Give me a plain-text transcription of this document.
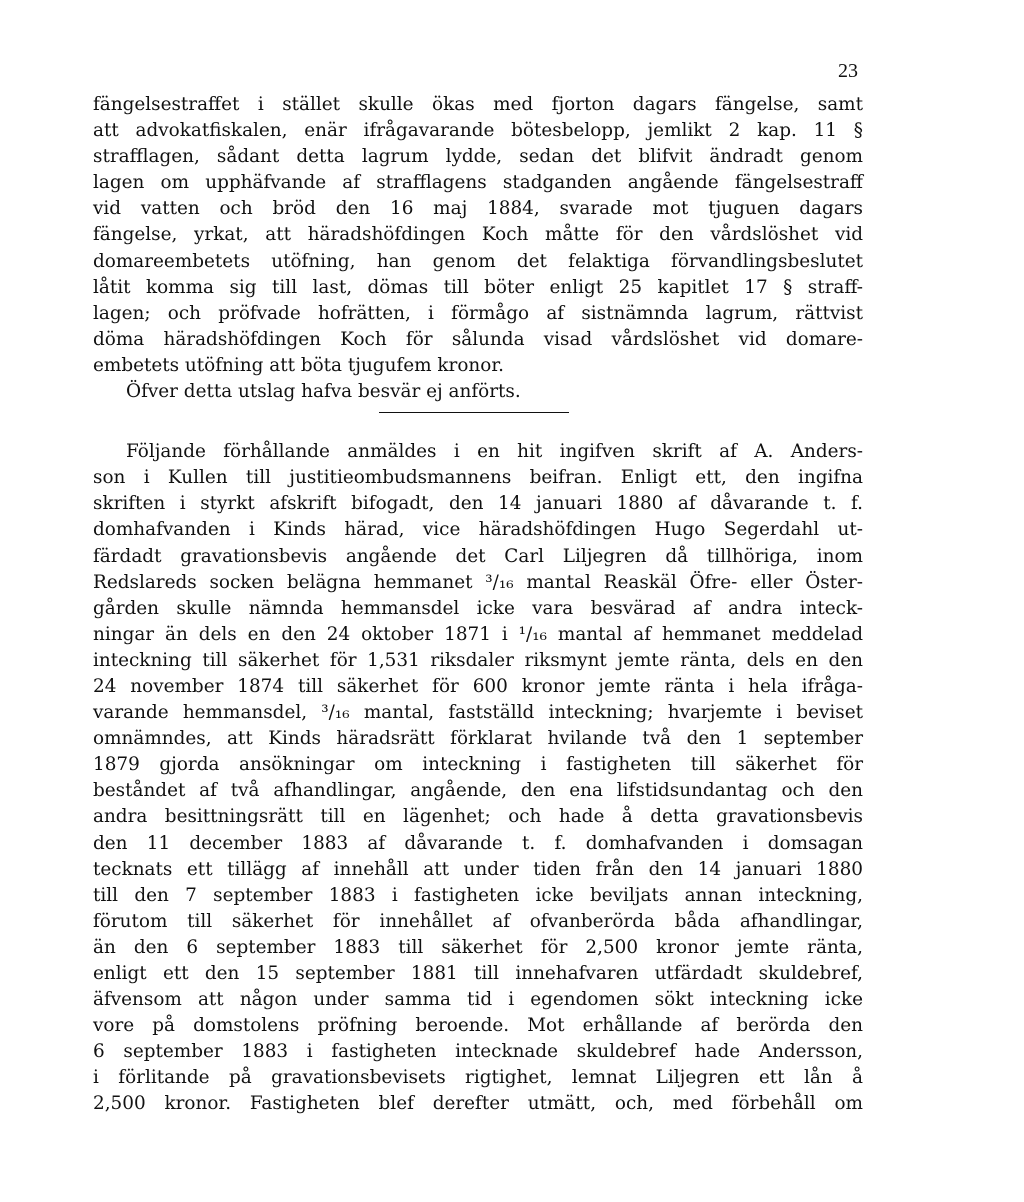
23
fängelsestraffet i stället skulle ökas med fjorton dagars fängelse, samt
att advokatfiskalen, enär ifrågavarande bötesbelopp, jemlikt 2 kap. 11 §
strafflagen, sådant detta lagrum lydde, sedan det blifvit ändradt genom
lagen om upphäfvande af strafflagens stadganden angående fängelsestraff
vid vatten och bröd den 16 maj 1884, svarade mot tjuguen dagars
fängelse, yrkat, att häradshöfdingen Koch måtte för den vårdslöshet vid
domareembetets utöfning, han genom det felaktiga förvandlingsbeslutet
låtit komma sig till last, dömas till böter enligt 25 kapitlet 17 § straff-
lagen; och pröfvade hofrätten, i förmågo af sistnämnda lagrum, rättvist
döma häradshöfdingen Koch för sålunda visad vårdslöshet vid domare-
embetets utöfning att böta tjugufem kronor.
Öfver detta utslag hafva besvär ej anförts.
Följande förhållande anmäldes i en hit ingifven skrift af A. Anders-
son i Kullen till justitieombudsmannens beifran. Enligt ett, den ingifna
skriften i styrkt afskrift bifogadt, den 14 januari 1880 af dåvarande t. f.
domhafvanden i Kinds härad, vice häradshöfdingen Hugo Segerdahl ut-
färdadt gravationsbevis angående det Carl Liljegren då tillhöriga, inom
Redslareds socken belägna hemmanet ³/₁₆ mantal Reaskäl Öfre- eller Öster-
gården skulle nämnda hemmansdel icke vara besvärad af andra inteck-
ningar än dels en den 24 oktober 1871 i ¹/₁₆ mantal af hemmanet meddelad
inteckning till säkerhet för 1,531 riksdaler riksmynt jemte ränta, dels en den
24 november 1874 till säkerhet för 600 kronor jemte ränta i hela ifråga-
varande hemmansdel, ³/₁₆ mantal, fastställd inteckning; hvarjemte i beviset
omnämndes, att Kinds häradsrätt förklarat hvilande två den 1 september
1879 gjorda ansökningar om inteckning i fastigheten till säkerhet för
beståndet af två afhandlingar, angående, den ena lifstidsundantag och den
andra besittningsrätt till en lägenhet; och hade å detta gravationsbevis
den 11 december 1883 af dåvarande t. f. domhafvanden i domsagan
tecknats ett tillägg af innehåll att under tiden från den 14 januari 1880
till den 7 september 1883 i fastigheten icke beviljats annan inteckning,
förutom till säkerhet för innehållet af ofvanberörda båda afhandlingar,
än den 6 september 1883 till säkerhet för 2,500 kronor jemte ränta,
enligt ett den 15 september 1881 till innehafvaren utfärdadt skuldebref,
äfvensom att någon under samma tid i egendomen sökt inteckning icke
vore på domstolens pröfning beroende. Mot erhållande af berörda den
6 september 1883 i fastigheten intecknade skuldebref hade Andersson,
i förlitande på gravationsbevisets rigtighet, lemnat Liljegren ett lån å
2,500 kronor. Fastigheten blef derefter utmätt, och, med förbehåll om
